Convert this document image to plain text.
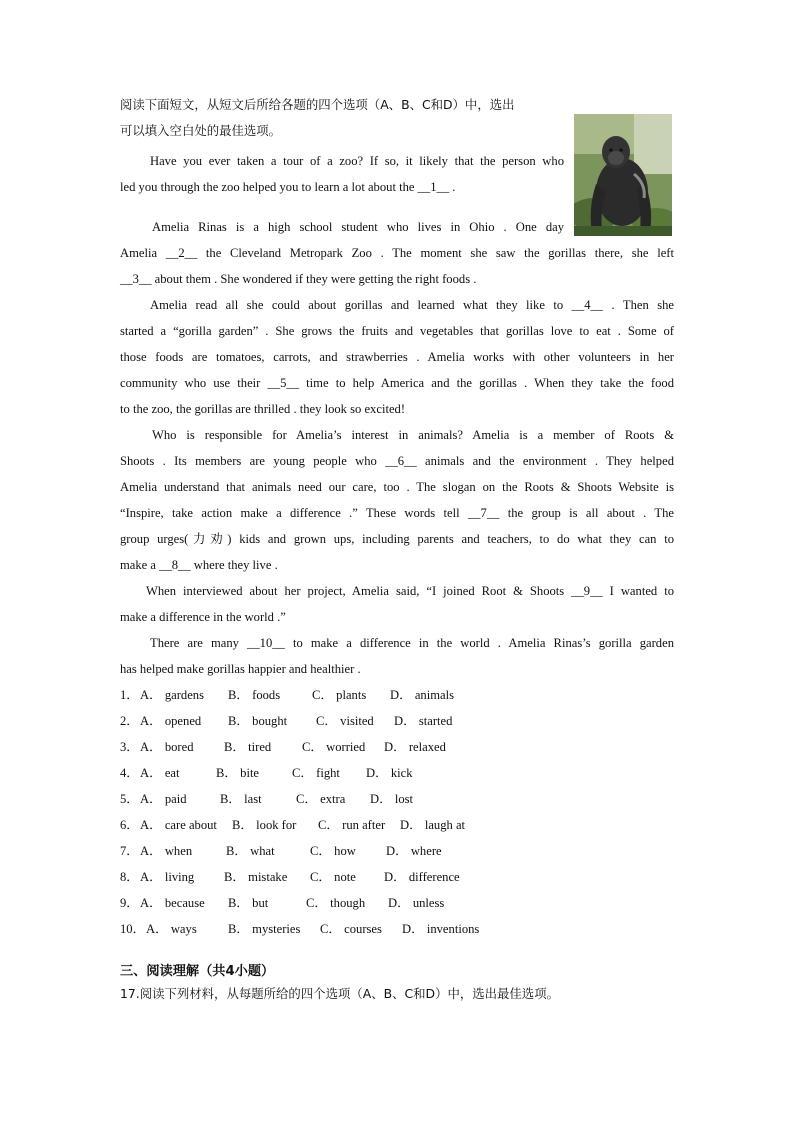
阅读下面短文，从短文后所给各题的四个选项（A、B、C和D）中，选出
可以填入空白处的最佳选项。
Have you ever taken a tour of a zoo? If so, it likely that the person who
led you through the zoo helped you to learn a lot about the __1__ .
Amelia Rinas is a high school student who lives in Ohio . One day
Amelia __2__ the Cleveland Metropark Zoo . The moment she saw the gorillas there, she left
__3__ about them . She wondered if they were getting the right foods .
Amelia read all she could about gorillas and learned what they like to __4__ . Then she
started a “gorilla garden” . She grows the fruits and vegetables that gorillas love to eat . Some of
those foods are tomatoes, carrots, and strawberries . Amelia works with other volunteers in her
community who use their __5__ time to help America and the gorillas . When they take the food
to the zoo, the gorillas are thrilled . they look so excited!
Who is responsible for Amelia’s interest in animals? Amelia is a member of Roots &
Shoots . Its members are young people who __6__ animals and the environment . They helped
Amelia understand that animals need our care, too . The slogan on the Roots & Shoots Website is
“Inspire, take action make a difference .” These words tell __7__ the group is all about . The
group urges(力劝) kids and grown ups, including parents and teachers, to do what they can to
make a __8__ where they live .
When interviewed about her project, Amelia said, “I joined Root & Shoots __9__ I wanted to
make a difference in the world .”
There are many __10__ to make a difference in the world . Amelia Rinas’s gorilla garden
has helped make gorillas happier and healthier .
1． A． gardens B． foods	C． plants D． animals
2． A． opened B． bought C． visited D． started
3． A． bored B． tired C． worried D． relaxed
4． A． eat	B． bite	C． fight D． kick
5． A． paid	B． last	C． extra D． lost
6． A． care about B． look for C． run after D． laugh at
7． A． when	B． what	C． how D． where
8． A． living B． mistake C． note D． difference
9． A． because B． but	C． though D． unless
10． A． ways B． mysteries C． courses D． inventions
三、阅读理解（共4小题）
17.阅读下列材料，从每题所给的四个选项（A、B、C和D）中，选出最佳选项。
